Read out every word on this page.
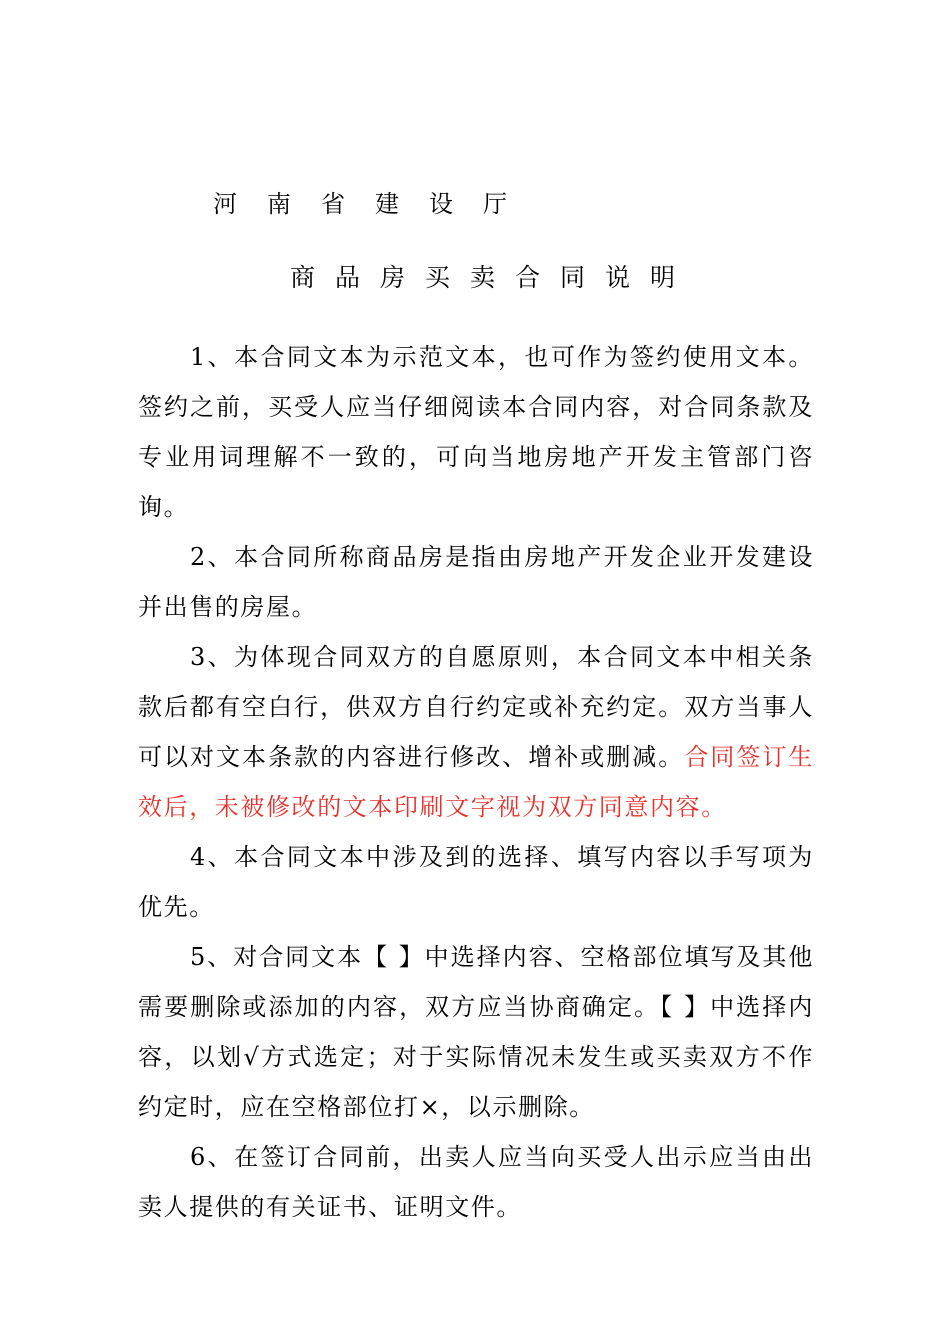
河南省建设厅
商品房买卖合同说明

1、本合同文本为示范文本，也可作为签约使用文本。签约之前，买受人应当仔细阅读本合同内容，对合同条款及专业用词理解不一致的，可向当地房地产开发主管部门咨询。

2、本合同所称商品房是指由房地产开发企业开发建设并出售的房屋。

3、为体现合同双方的自愿原则，本合同文本中相关条款后都有空白行，供双方自行约定或补充约定。双方当事人可以对文本条款的内容进行修改、增补或删减。合同签订生效后，未被修改的文本印刷文字视为双方同意内容。

4、本合同文本中涉及到的选择、填写内容以手写项为优先。

5、对合同文本【 】中选择内容、空格部位填写及其他需要删除或添加的内容，双方应当协商确定。【 】中选择内容，以划√方式选定；对于实际情况未发生或买卖双方不作约定时，应在空格部位打×，以示删除。

6、在签订合同前，出卖人应当向买受人出示应当由出卖人提供的有关证书、证明文件。
